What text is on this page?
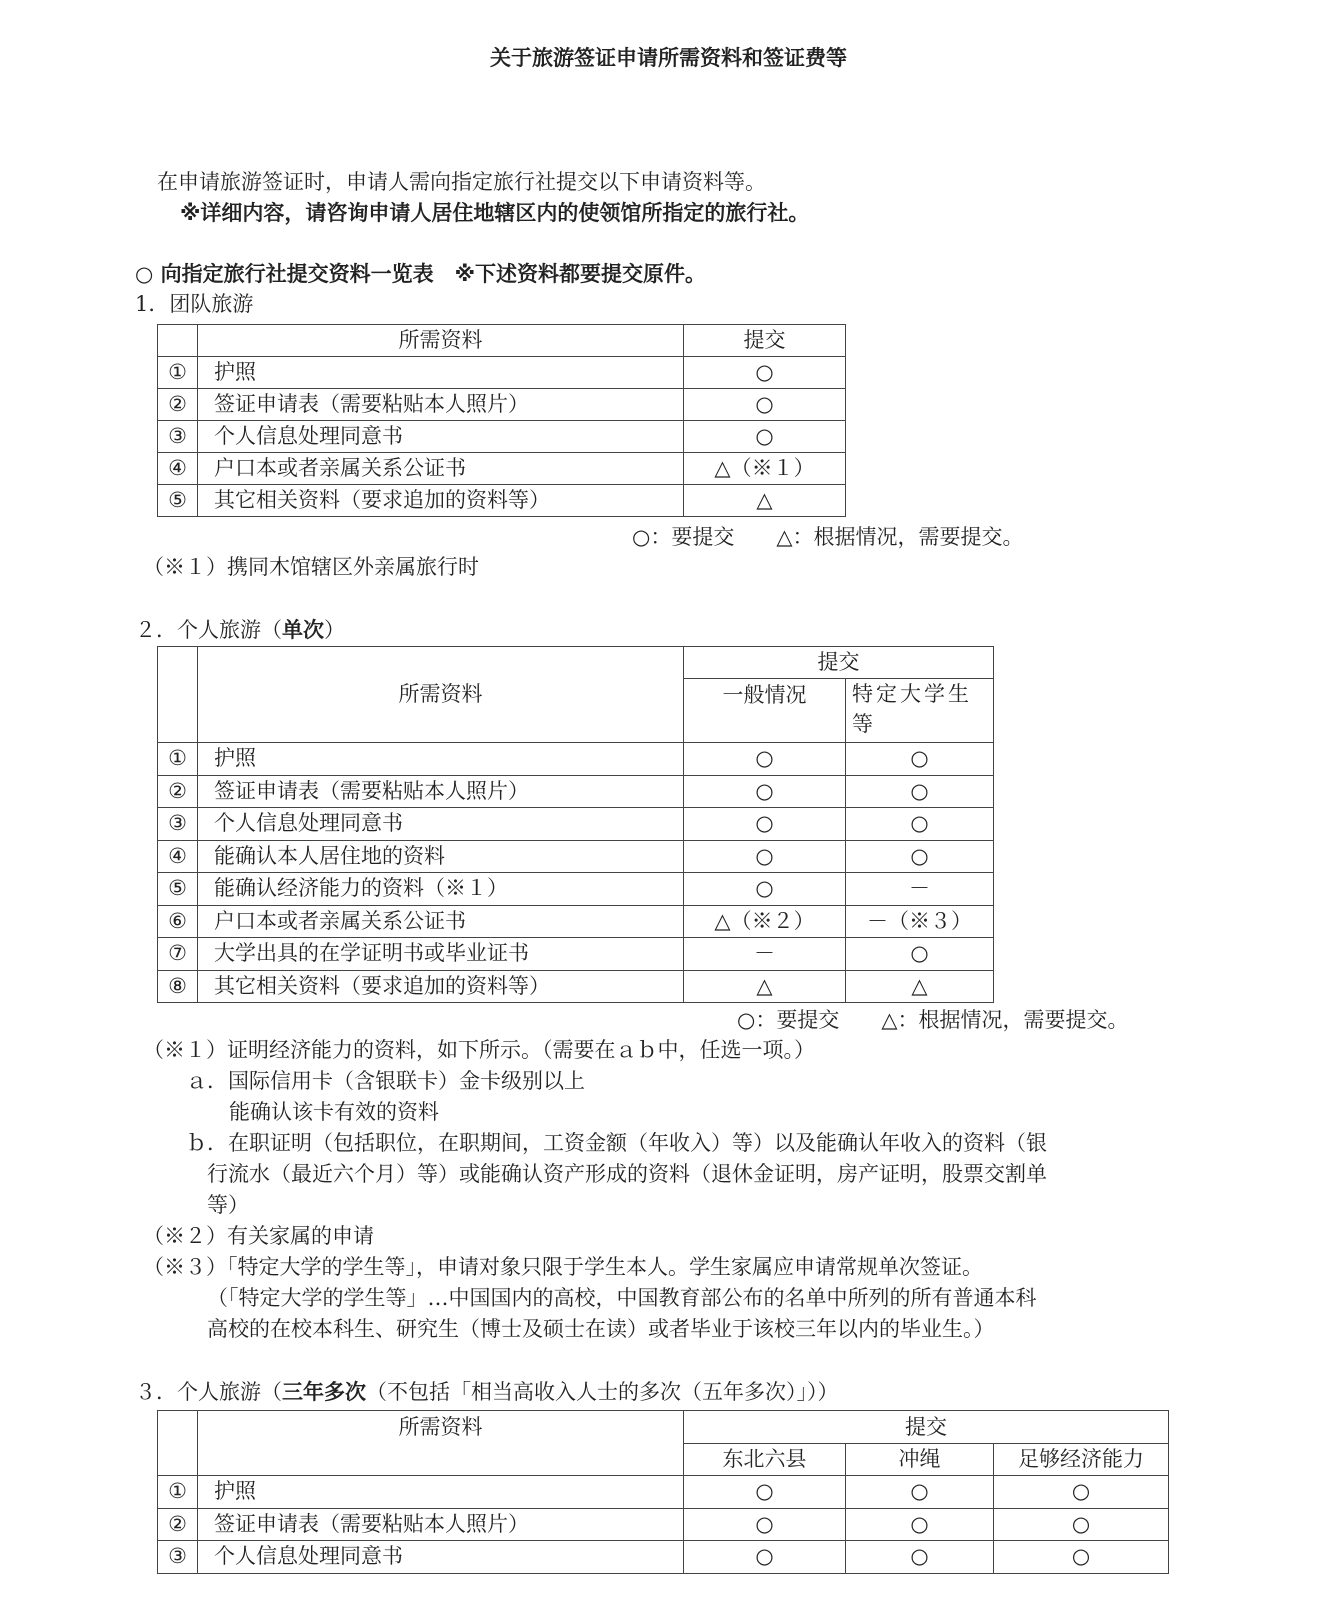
关于旅游签证申请所需资料和签证费等
在申请旅游签证时，申请人需向指定旅行社提交以下申请资料等。
※详细内容，请咨询申请人居住地辖区内的使领馆所指定的旅行社。
○ 向指定旅行社提交资料一览表　※下述资料都要提交原件。
1．团队旅游
	所需资料	提交
①	护照	○
②	签证申请表（需要粘贴本人照片）	○
③	个人信息处理同意书	○
④	户口本或者亲属关系公证书	△（※１）
⑤	其它相关资料（要求追加的资料等）	△
○：要提交　　△：根据情况，需要提交。
（※１）携同木馆辖区外亲属旅行时
２．个人旅游（单次）
	所需资料	提交	
		一般情况	特定大学生等
①	护照	○	○
②	签证申请表（需要粘贴本人照片）	○	○
③	个人信息处理同意书	○	○
④	能确认本人居住地的资料	○	○
⑤	能确认经济能力的资料（※１）	○	－
⑥	户口本或者亲属关系公证书	△（※２）	－（※３）
⑦	大学出具的在学证明书或毕业证书	－	○
⑧	其它相关资料（要求追加的资料等）	△	△
○：要提交　　△：根据情况，需要提交。
（※１）证明经济能力的资料，如下所示。（需要在ａｂ中，任选一项。）
ａ．国际信用卡（含银联卡）金卡级别以上
能确认该卡有效的资料
ｂ．在职证明（包括职位，在职期间，工资金额（年收入）等）以及能确认年收入的资料（银
行流水（最近六个月）等）或能确认资产形成的资料（退休金证明，房产证明，股票交割单
等）
（※２）有关家属的申请
（※３）「特定大学的学生等」，申请对象只限于学生本人。学生家属应申请常规单次签证。
（「特定大学的学生等」…中国国内的高校，中国教育部公布的名单中所列的所有普通本科
高校的在校本科生、研究生（博士及硕士在读）或者毕业于该校三年以内的毕业生。）
３．个人旅游（三年多次（不包括「相当高收入人士的多次（五年多次）」））
	所需资料	提交		
		东北六县	冲绳	足够经济能力
①	护照	○	○	○
②	签证申请表（需要粘贴本人照片）	○	○	○
③	个人信息处理同意书	○	○	○
